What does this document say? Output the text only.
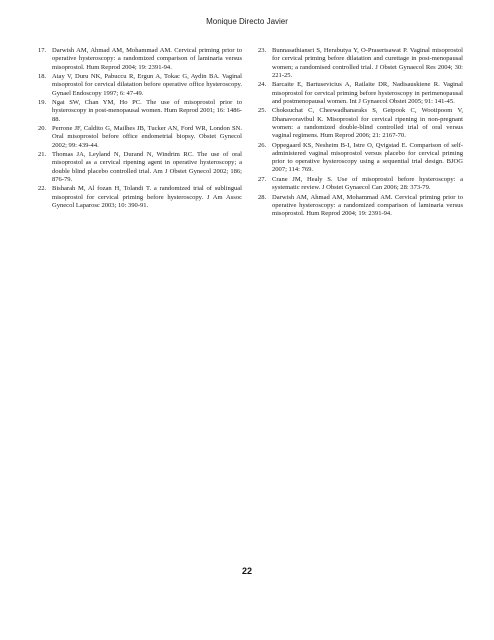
Monique Directo Javier
17. Darwish AM, Ahmad AM, Mohammad AM. Cervical priming prior to operative hysteroscopy: a randomized comparison of laminaria versus misoprostol. Hum Reprod 2004; 19: 2391-94.
18. Atay V, Duru NK, Pabuccu R, Ergun A, Tokac G, Aydin BA. Vaginal misoprostol for cervical dilatation before operative office hysteroscopy. Gynael Endoscopy 1997; 6: 47-49.
19. Ngai SW, Chan YM, Ho PC. The use of misoprostol prior to hysteroscopy in post-menopausal women. Hum Reprod 2001; 16: 1486-88.
20. Perrone JF, Caldito G, Mailhes JB, Tucker AN, Ford WR, London SN. Oral misoprostol before office endometrial biopsy. Obstet Gynecol 2002; 99: 439-44.
21. Thomas JA, Leyland N, Durand N, Windrim RC. The use of oral misoprostol as a cervical ripening agent in operative hysteroscopy; a double blind placebo controlled trial. Am J Obstet Gynecol 2002; 186; 876-79.
22. Bisharah M, Al fozan H, Tolandi T. a randomized trial of sublingual misoprostol for cervical priming before hysteroscopy. J Am Assoc Gynecol Laparosc 2003; 10: 390-91.
23. Bunnasathiansri S, Herabutya Y, O-Prasertsawat P. Vaginal misoprostol for cervical priming before dilatation and curettage in post-menopausal women; a randomised controlled trial. J Obstet Gynaecol Res 2004; 30: 221-25.
24. Barcaite E, Bartusevicius A, Railaite DR, Nadisauskiene R. Vaginal misoprostol for cervical priming before hysteroscopy in perimenopausal and postmenopausal women. Int J Gynaecol Obstet 2005; 91: 141-45.
25. Choksuchat C, Cheewadhanaraks S, Getpook C, Wootipoom V, Dhanavoravibul K. Misoprostol for cervical ripening in non-pregnant women: a randomized double-blind controlled trial of oral versus vaginal regimens. Hum Reprod 2006; 21: 2167-70.
26. Oppegaard KS, Nesheim B-I, Istre O, Qvigstad E. Comparison of self-administered vaginal misoprostol versus placebo for cervical priming prior to operative hysteroscopy using a sequential trial design. BJOG 2007; 114: 769.
27. Crane JM, Healy S. Use of misoprostol before hysteroscopy: a systematic review. J Obstet Gynaecol Can 2006; 28: 373-79.
28. Darwish AM, Ahmad AM, Mohammad AM. Cervical priming prior to operative hysteroscopy: a randomized comparison of laminaria versus misoprostol. Hum Reprod 2004; 19: 2391-94.
22
